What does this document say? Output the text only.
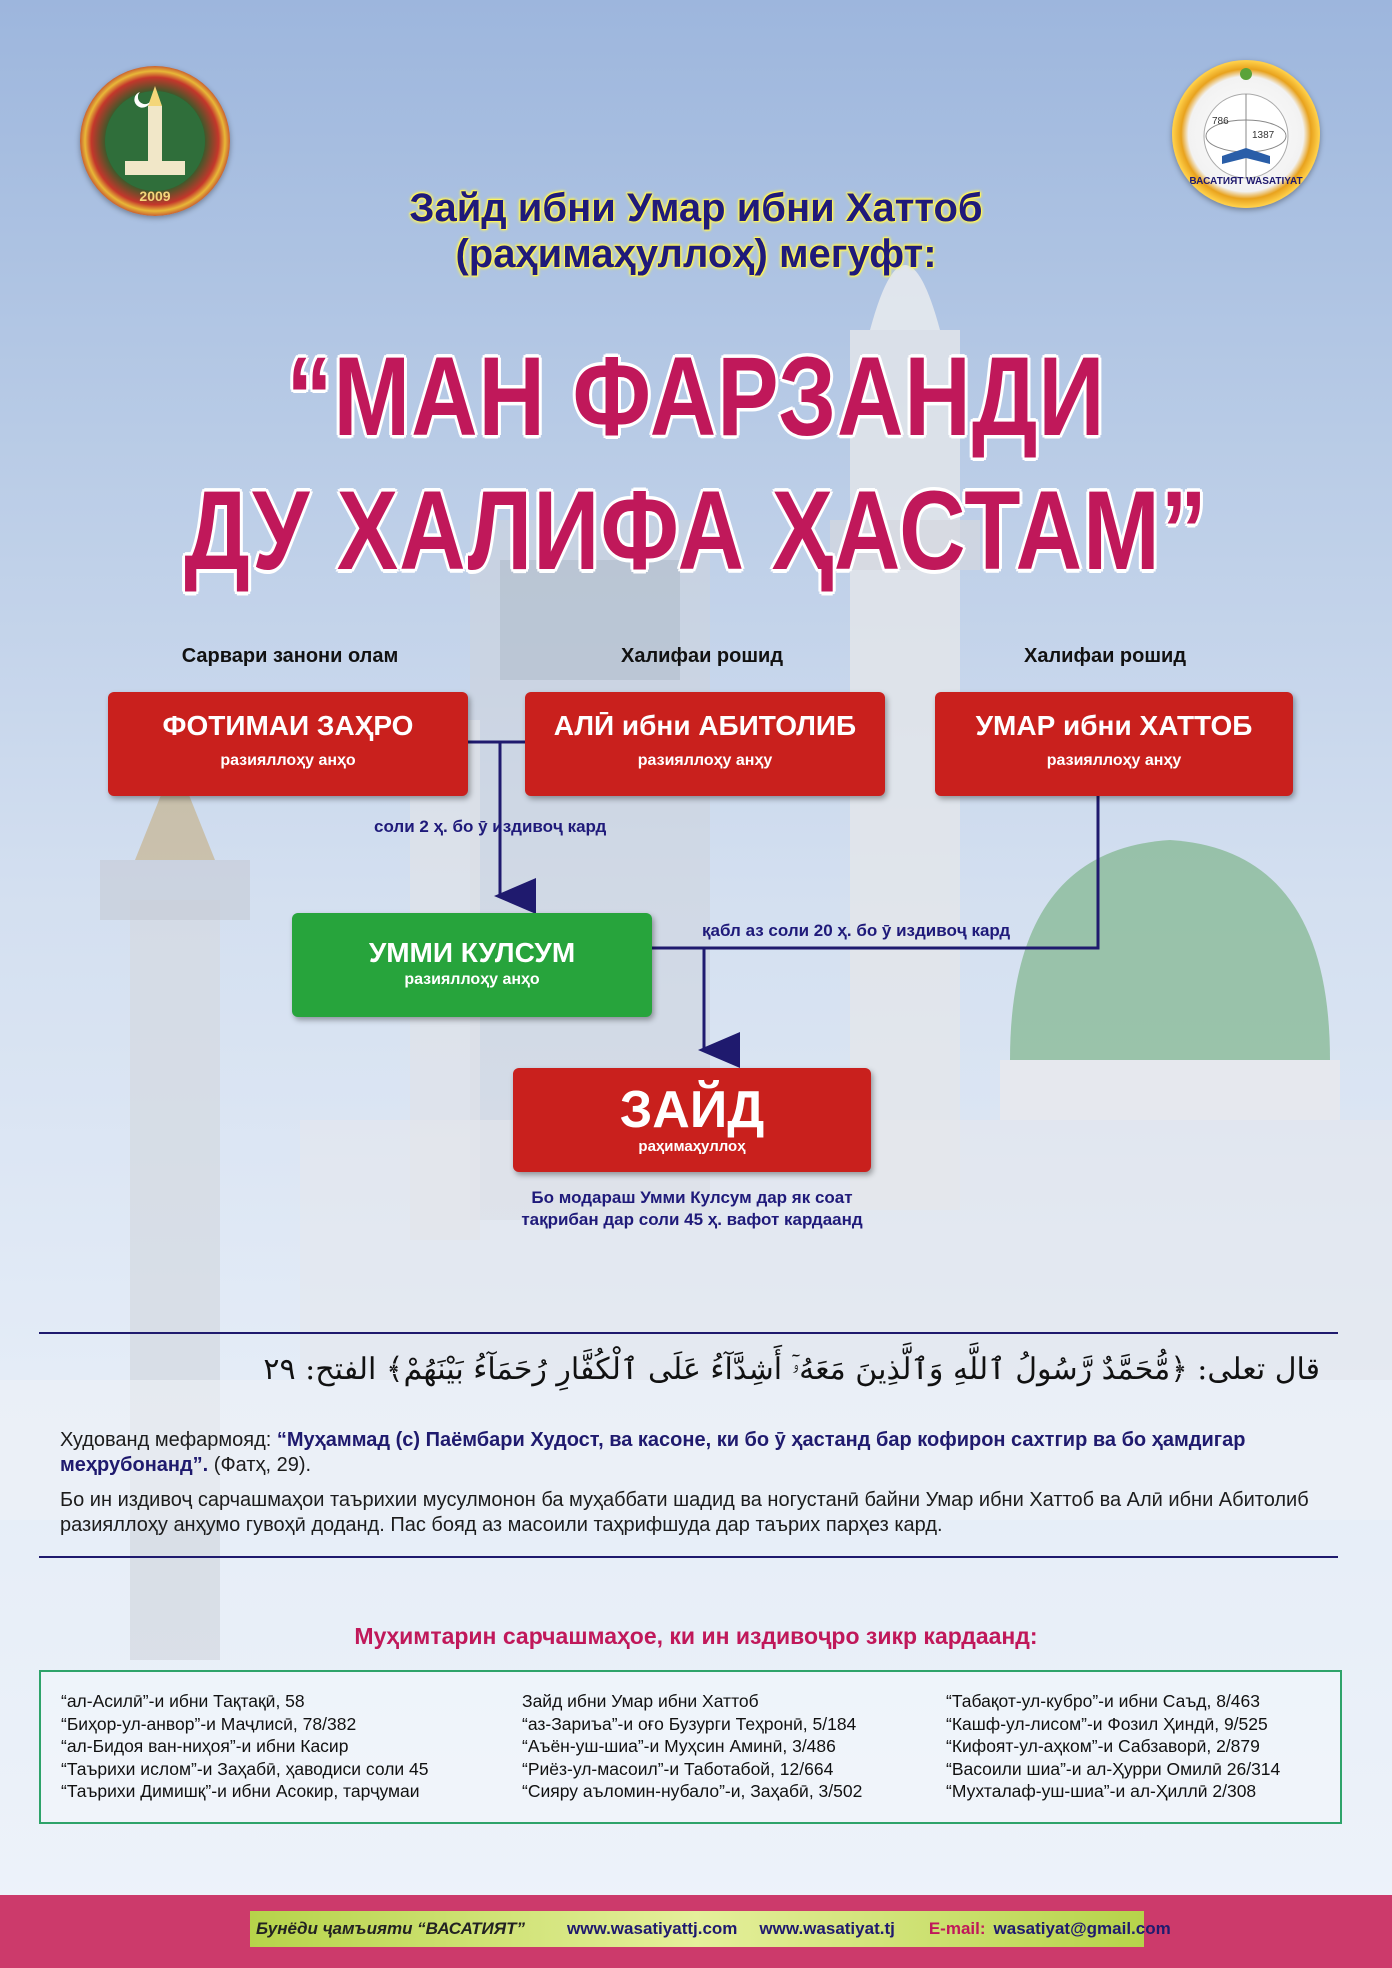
2009
786
1387
ВАСАТИЯТ WASATIYAT
Зайд ибни Умар ибни Хаттоб
(раҳимаҳуллоҳ) мегуфт:
“МАН ФАРЗАНДИ
ДУ ХАЛИФА ҲАСТАМ”
Сарвари занони олам	Халифаи рошид	Халифаи рошид
ФОТИМАИ ЗАҲРО
разияллоҳу анҳо
АЛӢ ибни АБИТОЛИБ
разияллоҳу анҳу
УМАР ибни ХАТТОБ
разияллоҳу анҳу
соли 2 ҳ. бо ӯ издивоҷ кард
УММИ КУЛСУМ
разияллоҳу анҳо
қабл аз соли 20 ҳ. бо ӯ издивоҷ кард
ЗАЙД
раҳимаҳуллоҳ
Бо модараш Умми Кулсум дар як соат
тақрибан дар соли 45 ҳ. вафот кардаанд
قال تعلى: ﴿مُّحَمَّدٌ رَّسُولُ ٱللَّهِ وَٱلَّذِينَ مَعَهُۥٓ أَشِدَّآءُ عَلَى ٱلْكُفَّارِ رُحَمَآءُ بَيْنَهُمْ﴾ الفتح: ٢٩
Худованд мефармояд: “Муҳаммад (с) Паёмбари Худост, ва касоне, ки бо ӯ ҳастанд бар кофирон сахтгир ва бо ҳамдигар меҳрубонанд”. (Фатҳ, 29).
Бо ин издивоҷ сарчашмаҳои таърихии мусулмонон ба муҳаббати шадид ва ногустанӣ байни Умар ибни Хаттоб ва Алӣ ибни Абитолиб разияллоҳу анҳумо гувоҳӣ доданд. Пас бояд аз масоили таҳрифшуда дар таърих парҳез кард.
Муҳимтарин сарчашмаҳое, ки ин издивоҷро зикр кардаанд:
“ал-Асилӣ”-и ибни Тақтақӣ, 58
“Биҳор-ул-анвор”-и Маҷлисӣ, 78/382
“ал-Бидоя ван-ниҳоя”-и ибни Касир
“Таърихи ислом”-и Заҳабӣ, ҳаводиси соли 45
“Таърихи Димишқ”-и ибни Асокир, тарҷумаи
Зайд ибни Умар ибни Хаттоб
“аз-Зариъа”-и оғо Бузурги Теҳронӣ, 5/184
“Аъён-уш-шиа”-и Муҳсин Аминӣ, 3/486
“Риёз-ул-масоил”-и Таботабой, 12/664
“Сияру аъломин-нубало”-и, Заҳабӣ, 3/502
“Табақот-ул-кубро”-и ибни Саъд, 8/463
“Кашф-ул-лисом”-и Фозил Ҳиндӣ, 9/525
“Кифоят-ул-аҳком”-и Сабзаворӣ, 2/879
“Васоили шиа”-и ал-Ҳурри Омилӣ 26/314
“Мухталаф-уш-шиа”-и ал-Ҳиллӣ 2/308
Бунёди ҷамъияти “ВАСАТИЯТ” www.wasatiyattj.com www.wasatiyat.tj E-mail: wasatiyat@gmail.com
